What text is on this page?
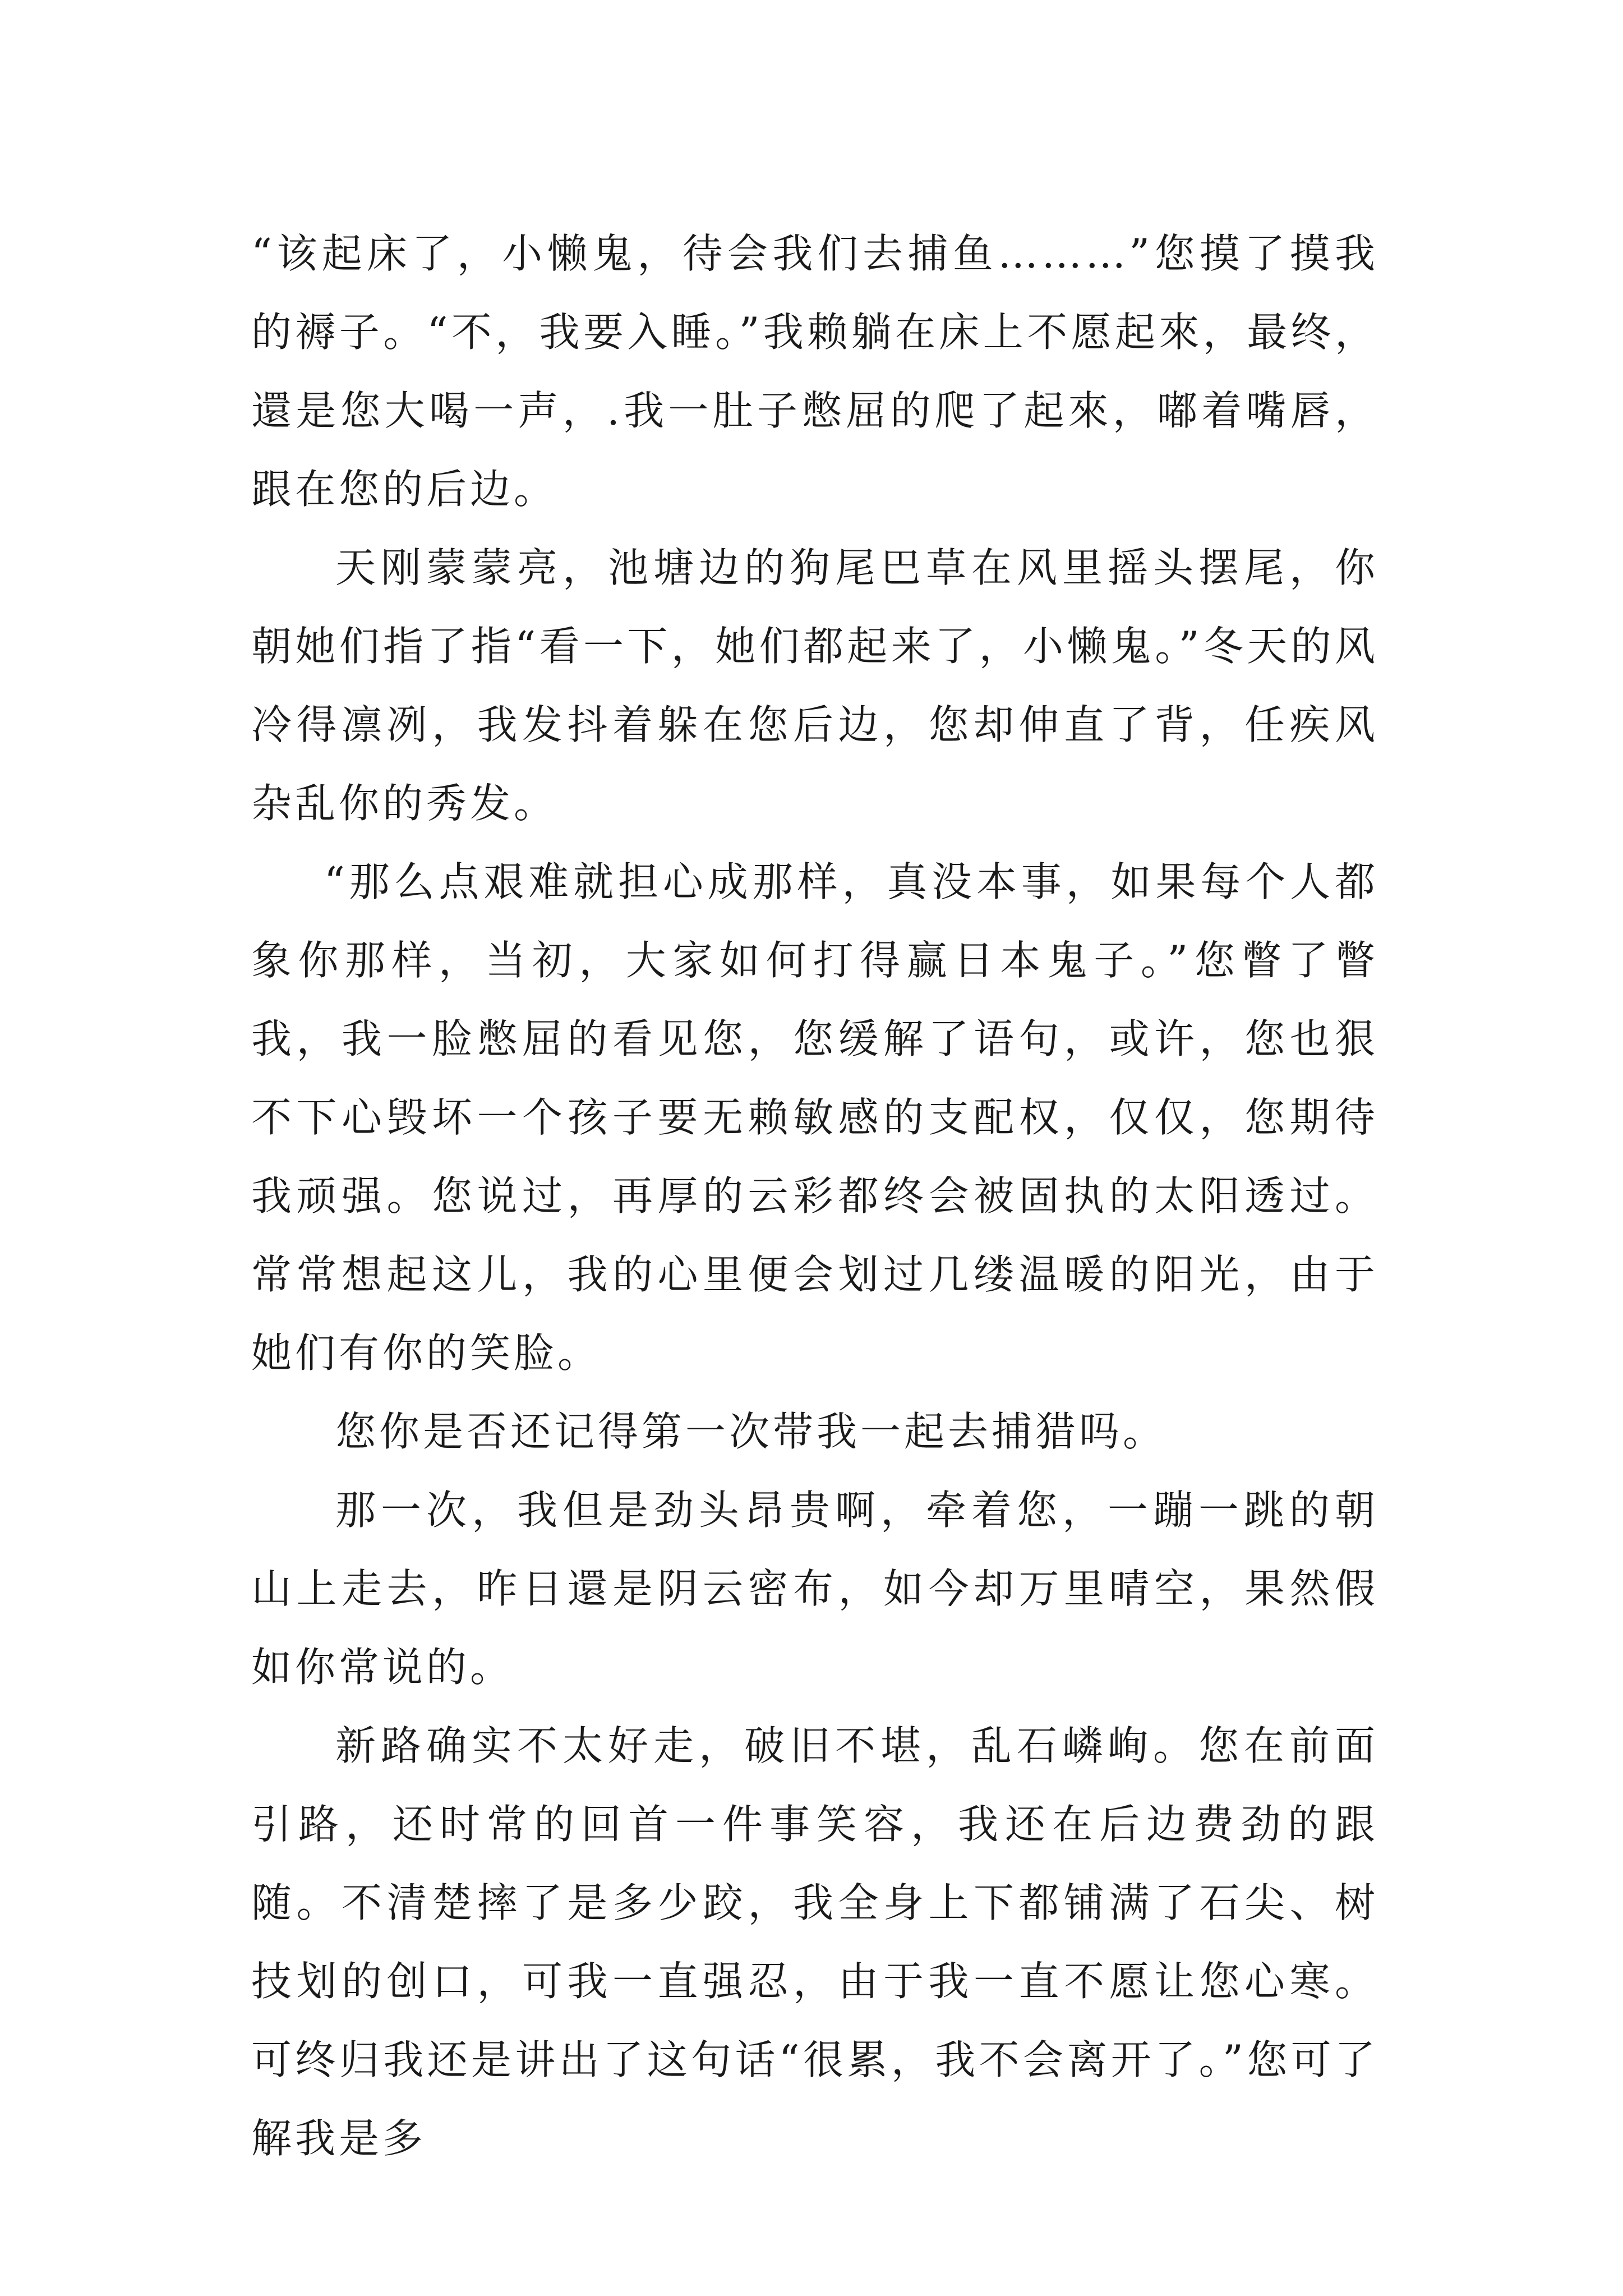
“该起床了，小懒鬼，待会我们去捕鱼………”您摸了摸我的褥子。“不，我要入睡。”我赖躺在床上不愿起來，最终，還是您大喝一声，.我一肚子憋屈的爬了起來，嘟着嘴唇，跟在您的后边。

天刚蒙蒙亮，池塘边的狗尾巴草在风里摇头摆尾，你朝她们指了指“看一下，她们都起来了，小懒鬼。”冬天的风冷得凛冽，我发抖着躲在您后边，您却伸直了背，任疾风杂乱你的秀发。

“那么点艰难就担心成那样，真没本事，如果每个人都象你那样，当初，大家如何打得赢日本鬼子。”您瞥了瞥我，我一脸憋屈的看见您，您缓解了语句，或许，您也狠不下心毁坏一个孩子要无赖敏感的支配权，仅仅，您期待我顽强。您说过，再厚的云彩都终会被固执的太阳透过。常常想起这儿，我的心里便会划过几缕温暖的阳光，由于她们有你的笑脸。

您你是否还记得第一次带我一起去捕猎吗。

那一次，我但是劲头昂贵啊，牵着您，一蹦一跳的朝山上走去，昨日還是阴云密布，如今却万里晴空，果然假如你常说的。

新路确实不太好走，破旧不堪，乱石嶙峋。您在前面引路，还时常的回首一件事笑容，我还在后边费劲的跟随。不清楚摔了是多少跤，我全身上下都铺满了石尖、树技划的创口，可我一直强忍，由于我一直不愿让您心寒。可终归我还是讲出了这句话“很累，我不会离开了。”您可了解我是多
